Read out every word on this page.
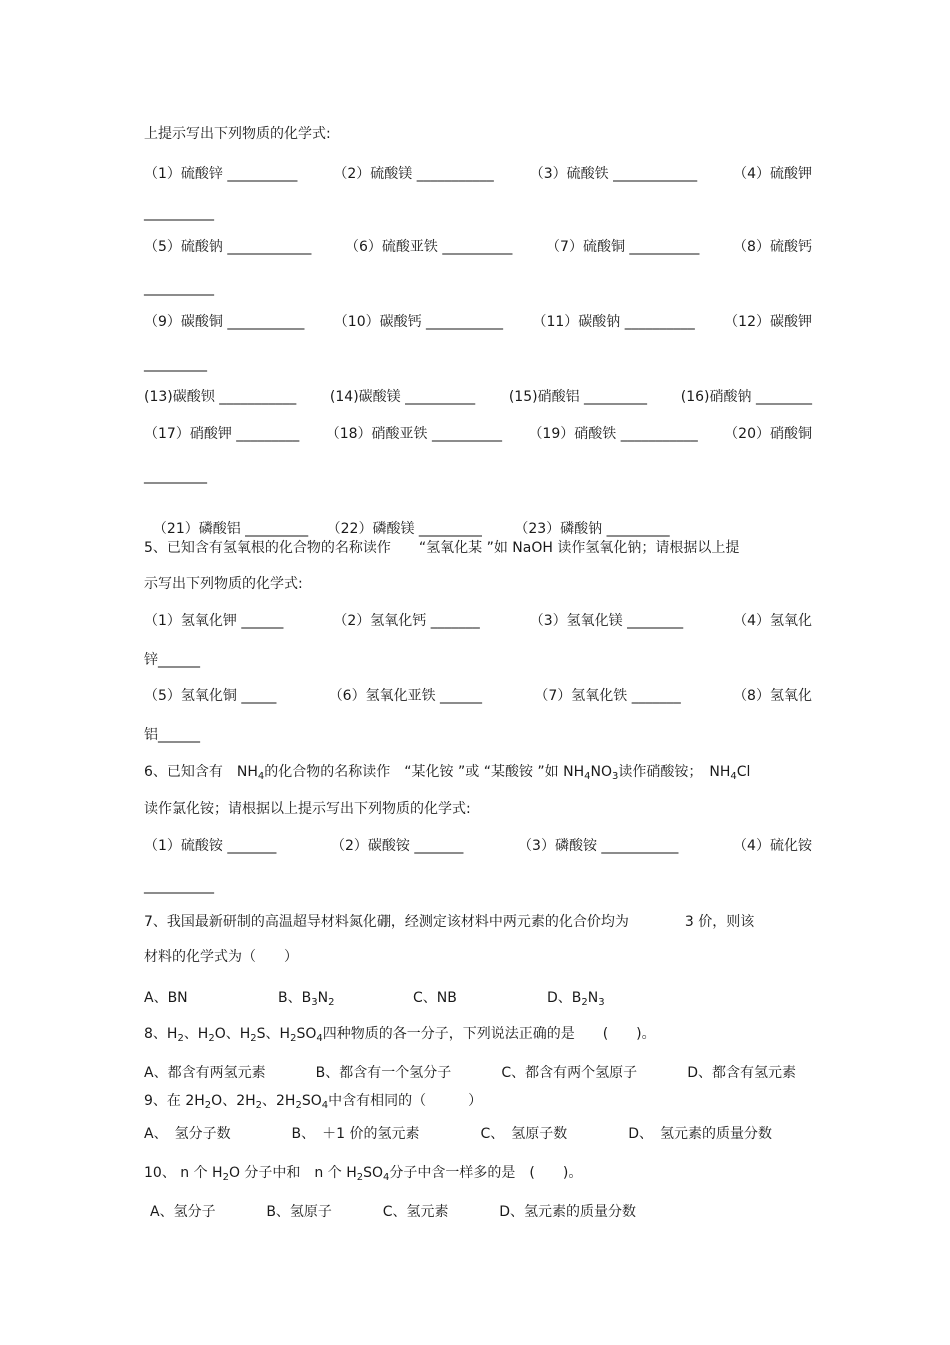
上提示写出下列物质的化学式:
（1）硫酸锌 __________	（2）硫酸镁 ___________	（3）硫酸铁 ____________	（4）硫酸钾
__________
（5）硫酸钠 ____________ （6）硫酸亚铁 __________ （7）硫酸铜 __________ （8）硫酸钙
__________
（9）碳酸铜 ___________ （10）碳酸钙 ___________ （11）碳酸钠 __________ （12）碳酸钾
_________
(13)碳酸钡 ___________ (14)碳酸镁 __________ (15)硝酸铝 _________ (16)硝酸钠 ________
（17）硝酸钾 _________ （18）硝酸亚铁 __________ （19）硝酸铁 ___________ （20）硝酸铜
_________

（21）磷酸铝 _________　 （22）磷酸镁 _________　　 （23）磷酸钠 _________

5、已知含有氢氧根的化合物的名称读作　　“氢氧化某 ”如 NaOH 读作氢氧化钠；请根据以上提
示写出下列物质的化学式:
（1）氢氧化钾 ______	（2）氢氧化钙 _______	（3）氢氧化镁 ________	（4）氢氧化
锌______
（5）氢氧化铜 _____	（6）氢氧化亚铁 ______	（7）氢氧化铁 _______	（8）氢氧化
铝______
6、已知含有　$NH_4$的化合物的名称读作　“某化铵 ”或 “某酸铵 ”如 $NH_4NO_3$读作硝酸铵；　$NH_4Cl$
读作氯化铵；请根据以上提示写出下列物质的化学式:
（1）硫酸铵 _______	（2）碳酸铵 _______	（3）磷酸铵 ___________	（4）硫化铵
__________
7、我国最新研制的高温超导材料氮化硼，经测定该材料中两元素的化合价均为　　　　3 价，则该
材料的化学式为（　　）
A、BN	B、$B_3N_2$	C、NB	D、$B_2N_3$
8、$H_2$、$H_2O$、$H_2S$、$H_2SO_4$四种物质的各一分子，下列说法正确的是　　(　　)。
A、都含有两氢元素	B、都含有一个氢分子	C、都含有两个氢原子	D、都含有氢元素
9、在 $2H_2O$、$2H_2$、$2H_2SO_4$中含有相同的（　　　）
A、　氢分子数	B、　＋1 价的氢元素	C、　氢原子数	D、　氢元素的质量分数
10、 n 个 $H_2O$ 分子中和　n 个 $H_2SO_4$分子中含一样多的是　(　　)。
A、氢分子	B、氢原子	C、氢元素	D、氢元素的质量分数
